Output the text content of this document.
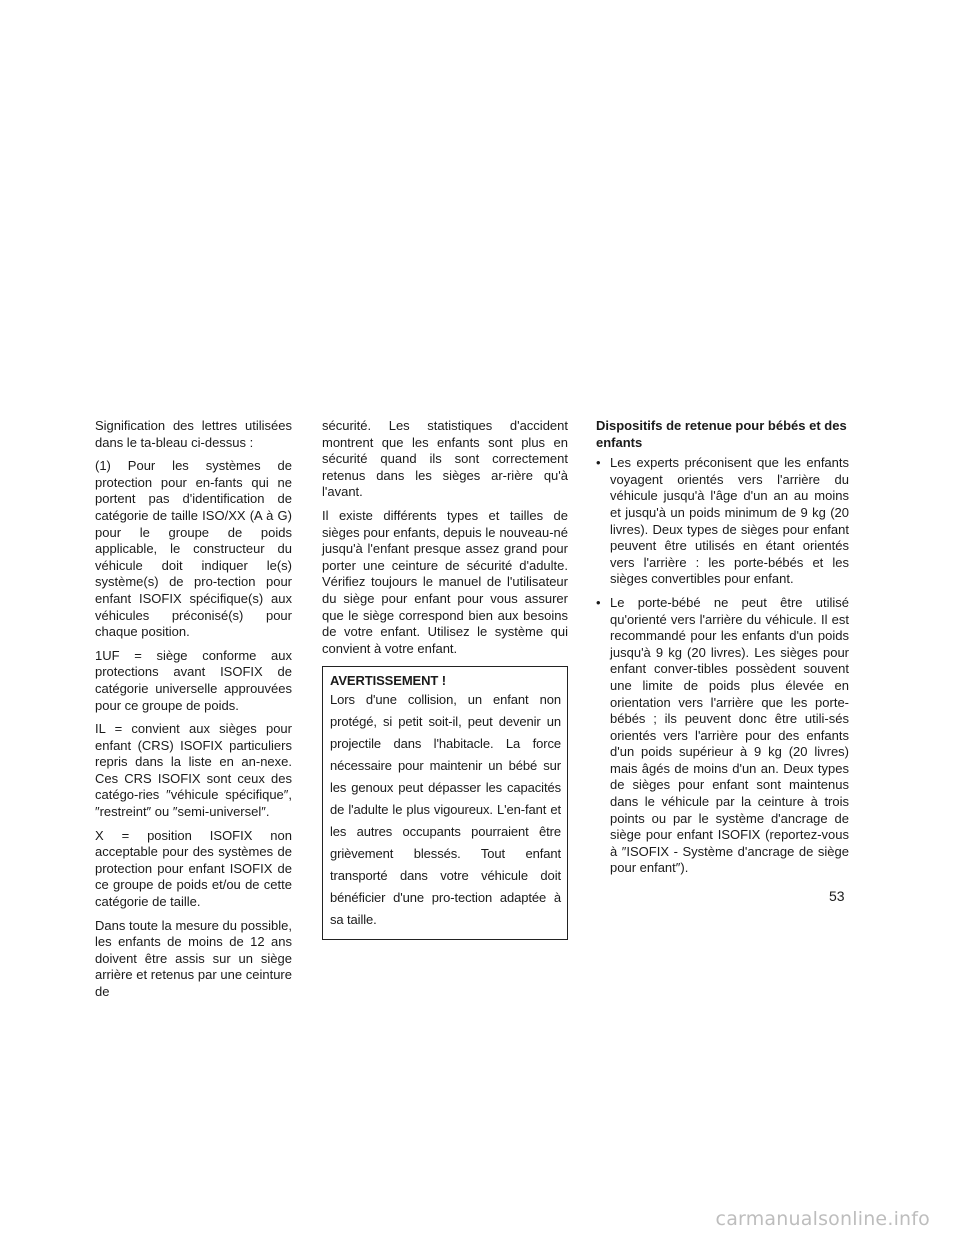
Signification des lettres utilisées dans le ta-bleau ci-dessus :

(1) Pour les systèmes de protection pour en-fants qui ne portent pas d'identification de catégorie de taille ISO/XX (A à G) pour le groupe de poids applicable, le constructeur du véhicule doit indiquer le(s) système(s) de pro-tection pour enfant ISOFIX spécifique(s) aux véhicules préconisé(s) pour chaque position.

1UF = siège conforme aux protections avant ISOFIX de catégorie universelle approuvées pour ce groupe de poids.

IL = convient aux sièges pour enfant (CRS) ISOFIX particuliers repris dans la liste en an-nexe. Ces CRS ISOFIX sont ceux des catégo-ries ″véhicule spécifique″, ″restreint″ ou ″semi-universel″.

X = position ISOFIX non acceptable pour des systèmes de protection pour enfant ISOFIX de ce groupe de poids et/ou de cette catégorie de taille.

Dans toute la mesure du possible, les enfants de moins de 12 ans doivent être assis sur un siège arrière et retenus par une ceinture de

sécurité. Les statistiques d'accident montrent que les enfants sont plus en sécurité quand ils sont correctement retenus dans les sièges ar-rière qu'à l'avant.

Il existe différents types et tailles de sièges pour enfants, depuis le nouveau-né jusqu'à l'enfant presque assez grand pour porter une ceinture de sécurité d'adulte. Vérifiez toujours le manuel de l'utilisateur du siège pour enfant pour vous assurer que le siège correspond bien aux besoins de votre enfant. Utilisez le système qui convient à votre enfant.

AVERTISSEMENT !
Lors d'une collision, un enfant non protégé, si petit soit-il, peut devenir un projectile dans l'habitacle. La force nécessaire pour maintenir un bébé sur les genoux peut dépasser les capacités de l'adulte le plus vigoureux. L'en-fant et les autres occupants pourraient être grièvement blessés. Tout enfant transporté dans votre véhicule doit bénéficier d'une pro-tection adaptée à sa taille.
Dispositifs de retenue pour bébés et des enfants
• Les experts préconisent que les enfants voyagent orientés vers l'arrière du véhicule jusqu'à l'âge d'un an au moins et jusqu'à un poids minimum de 9 kg (20 livres). Deux types de sièges pour enfant peuvent être utilisés en étant orientés vers l'arrière : les porte-bébés et les sièges convertibles pour enfant.
• Le porte-bébé ne peut être utilisé qu'orienté vers l'arrière du véhicule. Il est recommandé pour les enfants d'un poids jusqu'à 9 kg (20 livres). Les sièges pour enfant conver-tibles possèdent souvent une limite de poids plus élevée en orientation vers l'arrière que les porte-bébés ; ils peuvent donc être utili-sés orientés vers l'arrière pour des enfants d'un poids supérieur à 9 kg (20 livres) mais âgés de moins d'un an. Deux types de sièges pour enfant sont maintenus dans le véhicule par la ceinture à trois points ou par le système d'ancrage de siège pour enfant ISOFIX (reportez-vous à ″ISOFIX - Système d'ancrage de siège pour enfant″).
53
carmanualsonline.info
